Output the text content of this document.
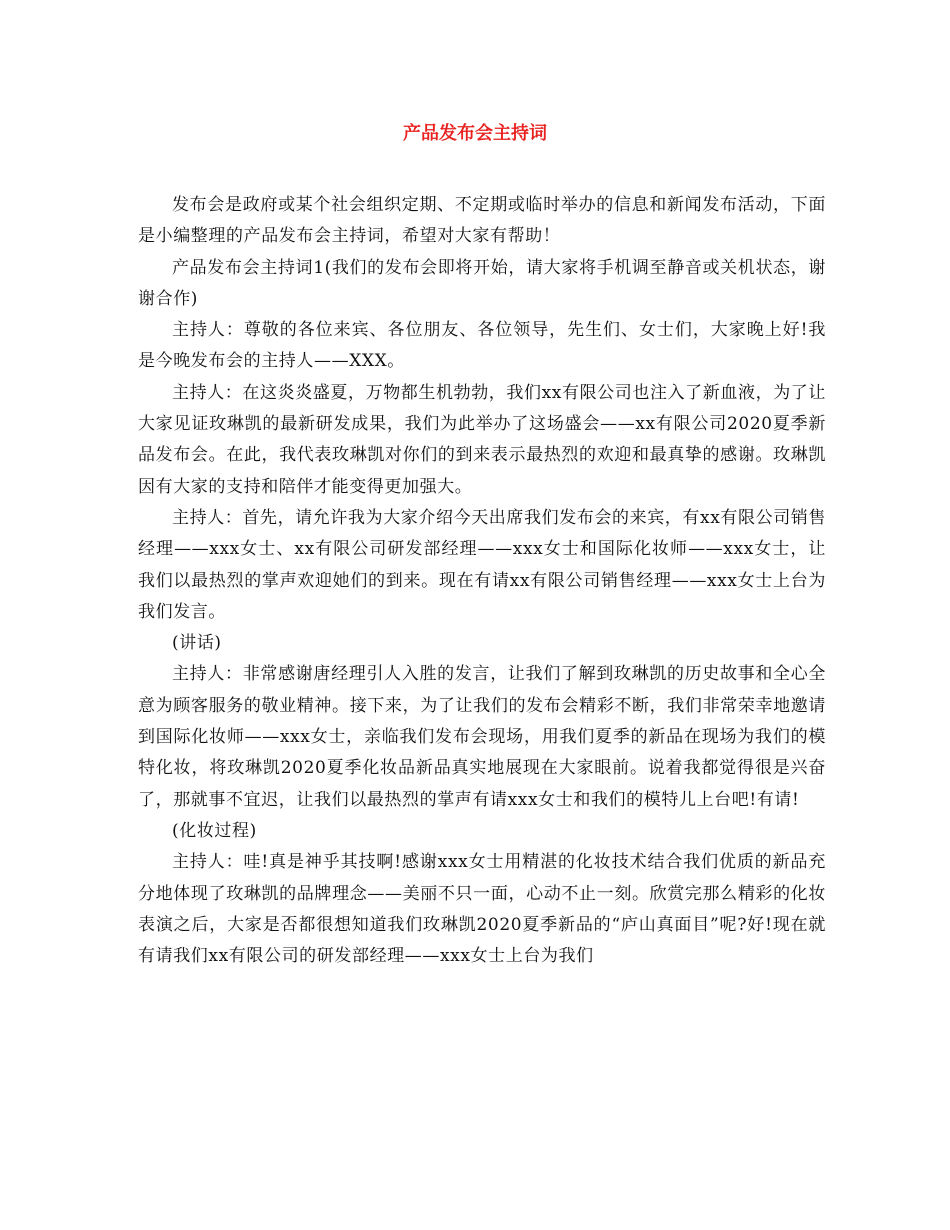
产品发布会主持词

发布会是政府或某个社会组织定期、不定期或临时举办的信息和新闻发布活动，下面是小编整理的产品发布会主持词，希望对大家有帮助！

产品发布会主持词1(我们的发布会即将开始，请大家将手机调至静音或关机状态，谢谢合作)

主持人：尊敬的各位来宾、各位朋友、各位领导，先生们、女士们，大家晚上好!我是今晚发布会的主持人——XXX。

主持人：在这炎炎盛夏，万物都生机勃勃，我们xx有限公司也注入了新血液，为了让大家见证玫琳凯的最新研发成果，我们为此举办了这场盛会——xx有限公司2020夏季新品发布会。在此，我代表玫琳凯对你们的到来表示最热烈的欢迎和最真挚的感谢。玫琳凯因有大家的支持和陪伴才能变得更加强大。

主持人：首先，请允许我为大家介绍今天出席我们发布会的来宾，有xx有限公司销售经理——xxx女士、xx有限公司研发部经理——xxx女士和国际化妆师——xxx女士，让我们以最热烈的掌声欢迎她们的到来。现在有请xx有限公司销售经理——xxx女士上台为我们发言。

(讲话)

主持人：非常感谢唐经理引人入胜的发言，让我们了解到玫琳凯的历史故事和全心全意为顾客服务的敬业精神。接下来，为了让我们的发布会精彩不断，我们非常荣幸地邀请到国际化妆师——xxx女士，亲临我们发布会现场，用我们夏季的新品在现场为我们的模特化妆，将玫琳凯2020夏季化妆品新品真实地展现在大家眼前。说着我都觉得很是兴奋了，那就事不宜迟，让我们以最热烈的掌声有请xxx女士和我们的模特儿上台吧!有请!

(化妆过程)

主持人：哇!真是神乎其技啊!感谢xxx女士用精湛的化妆技术结合我们优质的新品充分地体现了玫琳凯的品牌理念——美丽不只一面，心动不止一刻。欣赏完那么精彩的化妆表演之后，大家是否都很想知道我们玫琳凯2020夏季新品的“庐山真面目”呢?好!现在就有请我们xx有限公司的研发部经理——xxx女士上台为我们
